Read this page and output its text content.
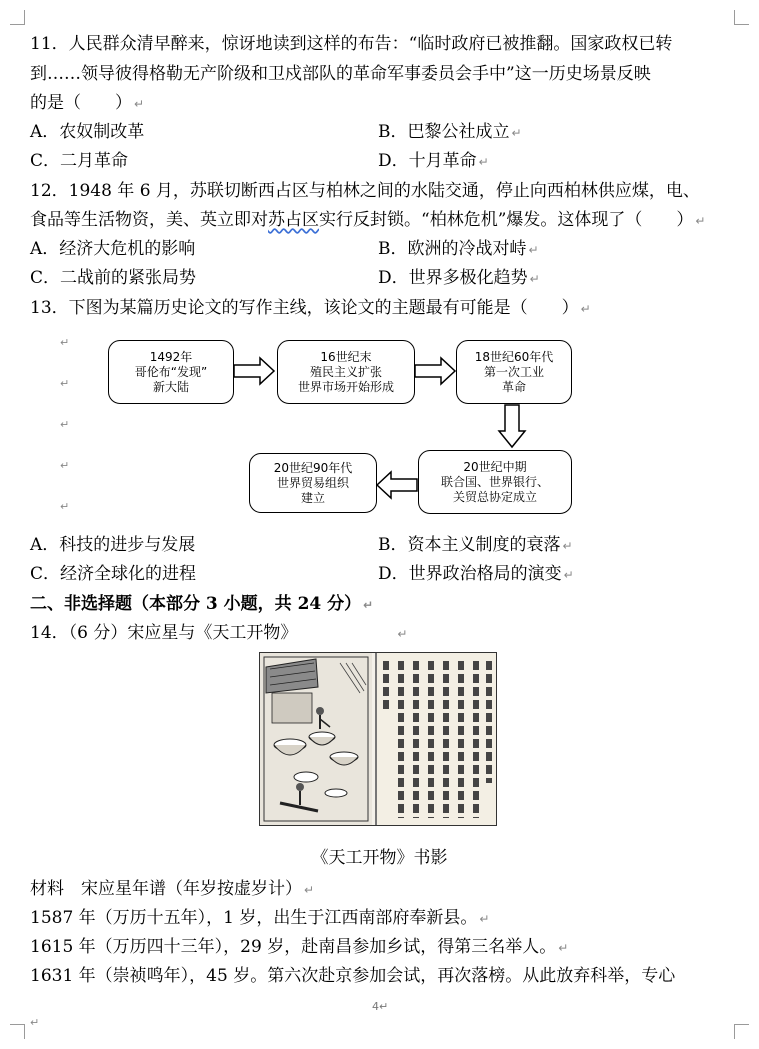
11．人民群众清早醉来，惊讶地读到这样的布告：“临时政府已被推翻。国家政权已转
到……领导彼得格勒无产阶级和卫戍部队的革命军事委员会手中”这一历史场景反映
的是（　　） ↵
A．农奴制改革	B．巴黎公社成立 ↵
C．二月革命	D．十月革命 ↵
12．1948 年 6 月，苏联切断西占区与柏林之间的水陆交通，停止向西柏林供应煤，电、
食品等生活物资，美、英立即对苏占区实行反封锁。“柏林危机”爆发。这体现了（　　） ↵
A．经济大危机的影响	B．欧洲的冷战对峙 ↵
C．二战前的紧张局势	D．世界多极化趋势 ↵
13．下图为某篇历史论文的写作主线，该论文的主题最有可能是（　　） ↵
↵
↵
↵
↵
↵
1492年
哥伦布“发现”
新大陆
16世纪末
殖民主义扩张
世界市场开始形成
18世纪60年代
第一次工业
革命
20世纪中期
联合国、世界银行、
关贸总协定成立
20世纪90年代
世界贸易组织
建立
A．科技的进步与发展	B．资本主义制度的衰落 ↵
C．经济全球化的进程	D．世界政治格局的演变 ↵
二、非选择题（本部分 3 小题，共 24 分） ↵
14．（6 分）宋应星与《天工开物》	↵
《天工开物》书影
材料　宋应星年谱（年岁按虚岁计） ↵
1587 年（万历十五年），1 岁，出生于江西南部府奉新县。 ↵
1615 年（万历四十三年），29 岁，赴南昌参加乡试，得第三名举人。 ↵
1631 年（崇祯鸣年），45 岁。第六次赴京参加会试，再次落榜。从此放弃科举，专心
4↵
↵
